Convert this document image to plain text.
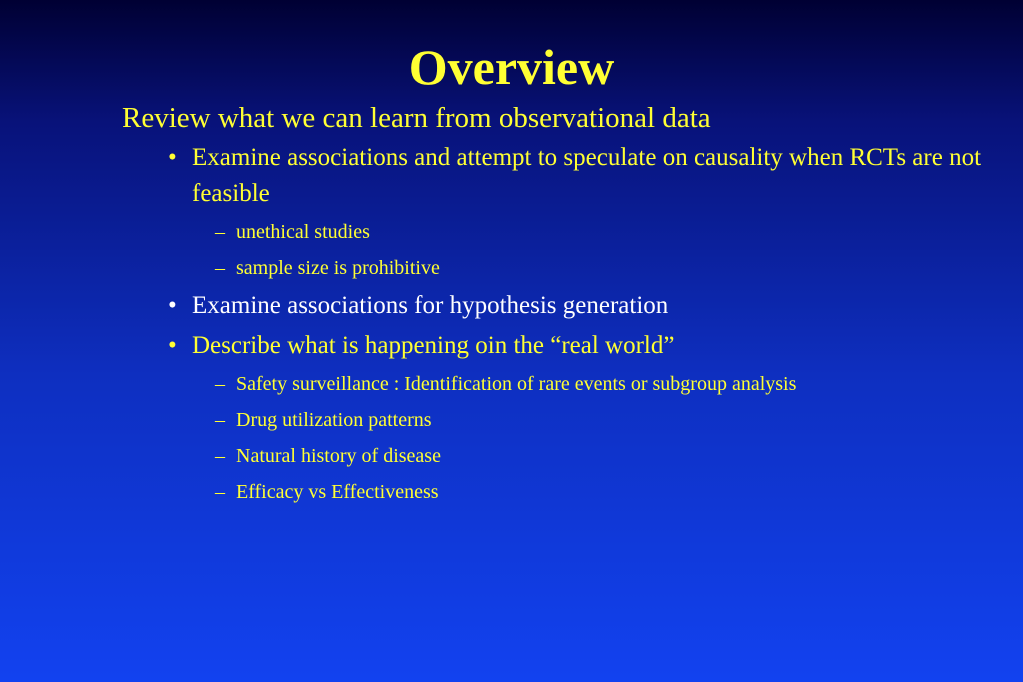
Overview

Review what we can learn from observational data

• Examine associations and attempt to speculate on causality when RCTs are not feasible
– unethical studies
– sample size is prohibitive
• Examine associations for hypothesis generation
• Describe what is happening oin the “real world”
– Safety surveillance : Identification of rare events or subgroup analysis
– Drug utilization patterns
– Natural history of disease
– Efficacy vs Effectiveness
